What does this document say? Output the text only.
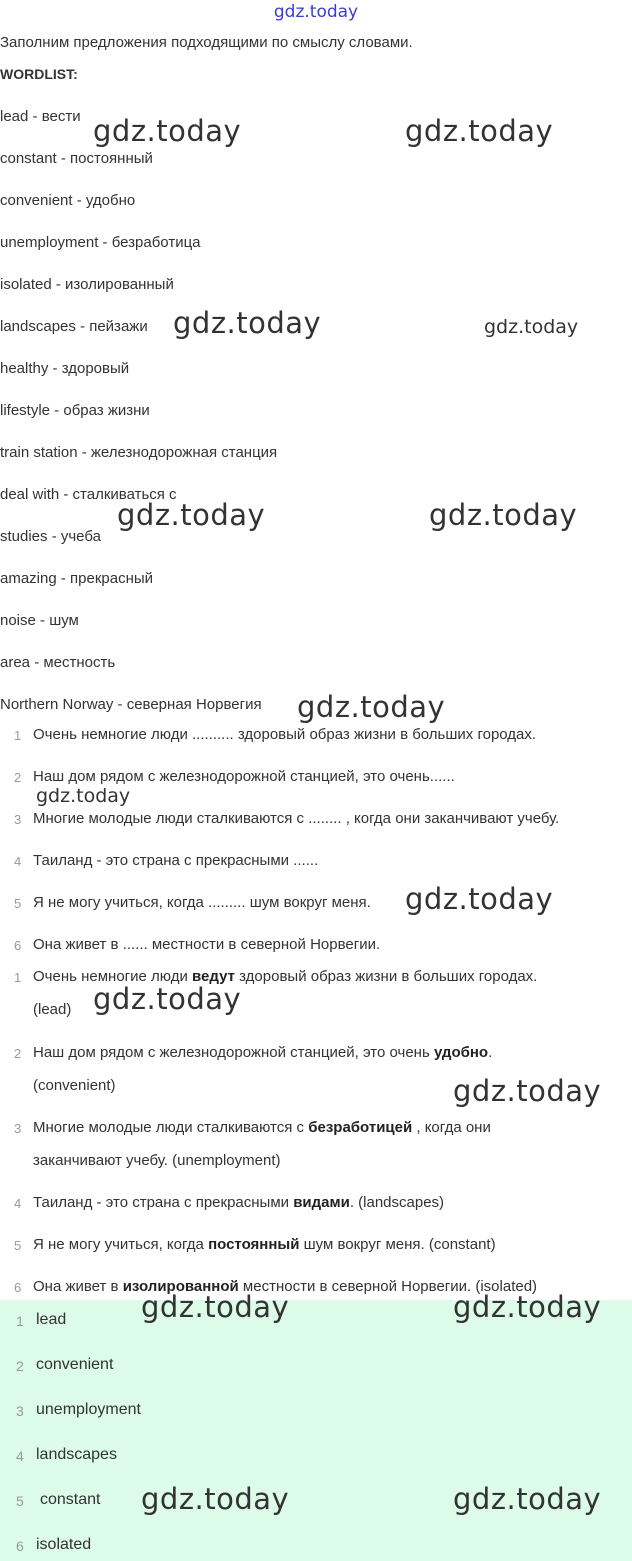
gdz.today
Заполним предложения подходящими по смыслу словами.
WORDLIST:
lead - вести
constant - постоянный
convenient - удобно
unemployment - безработица
isolated - изолированный
landscapes - пейзажи
healthy - здоровый
lifestyle - образ жизни
train station - железнодорожная станция
deal with - сталкиваться с
studies - учеба
amazing - прекрасный
noise - шум
area - местность
Northern Norway - северная Норвегия
1 Очень немногие люди .......... здоровый образ жизни в больших городах.
2 Наш дом рядом с железнодорожной станцией, это очень......
3 Многие молодые люди сталкиваются с ........ , когда они заканчивают учебу.
4 Таиланд - это страна с прекрасными ......
5 Я не могу учиться, когда ......... шум вокруг меня.
6 Она живет в ...... местности в северной Норвегии.
1 Очень немногие люди ведут здоровый образ жизни в больших городах.
(lead)
2 Наш дом рядом с железнодорожной станцией, это очень удобно.
(convenient)
3 Многие молодые люди сталкиваются с безработицей , когда они
заканчивают учебу. (unemployment)
4 Таиланд - это страна с прекрасными видами. (landscapes)
5 Я не могу учиться, когда постоянный шум вокруг меня. (constant)
6 Она живет в изолированной местности в северной Норвегии. (isolated)
1 lead
2 convenient
3 unemployment
4 landscapes
5 constant
6 isolated
gdz.today	gdz.today
gdz.today	gdz.today
gdz.today	gdz.today
gdz.today
gdz.today
gdz.today
gdz.today
gdz.today
gdz.today	gdz.today
gdz.today	gdz.today
